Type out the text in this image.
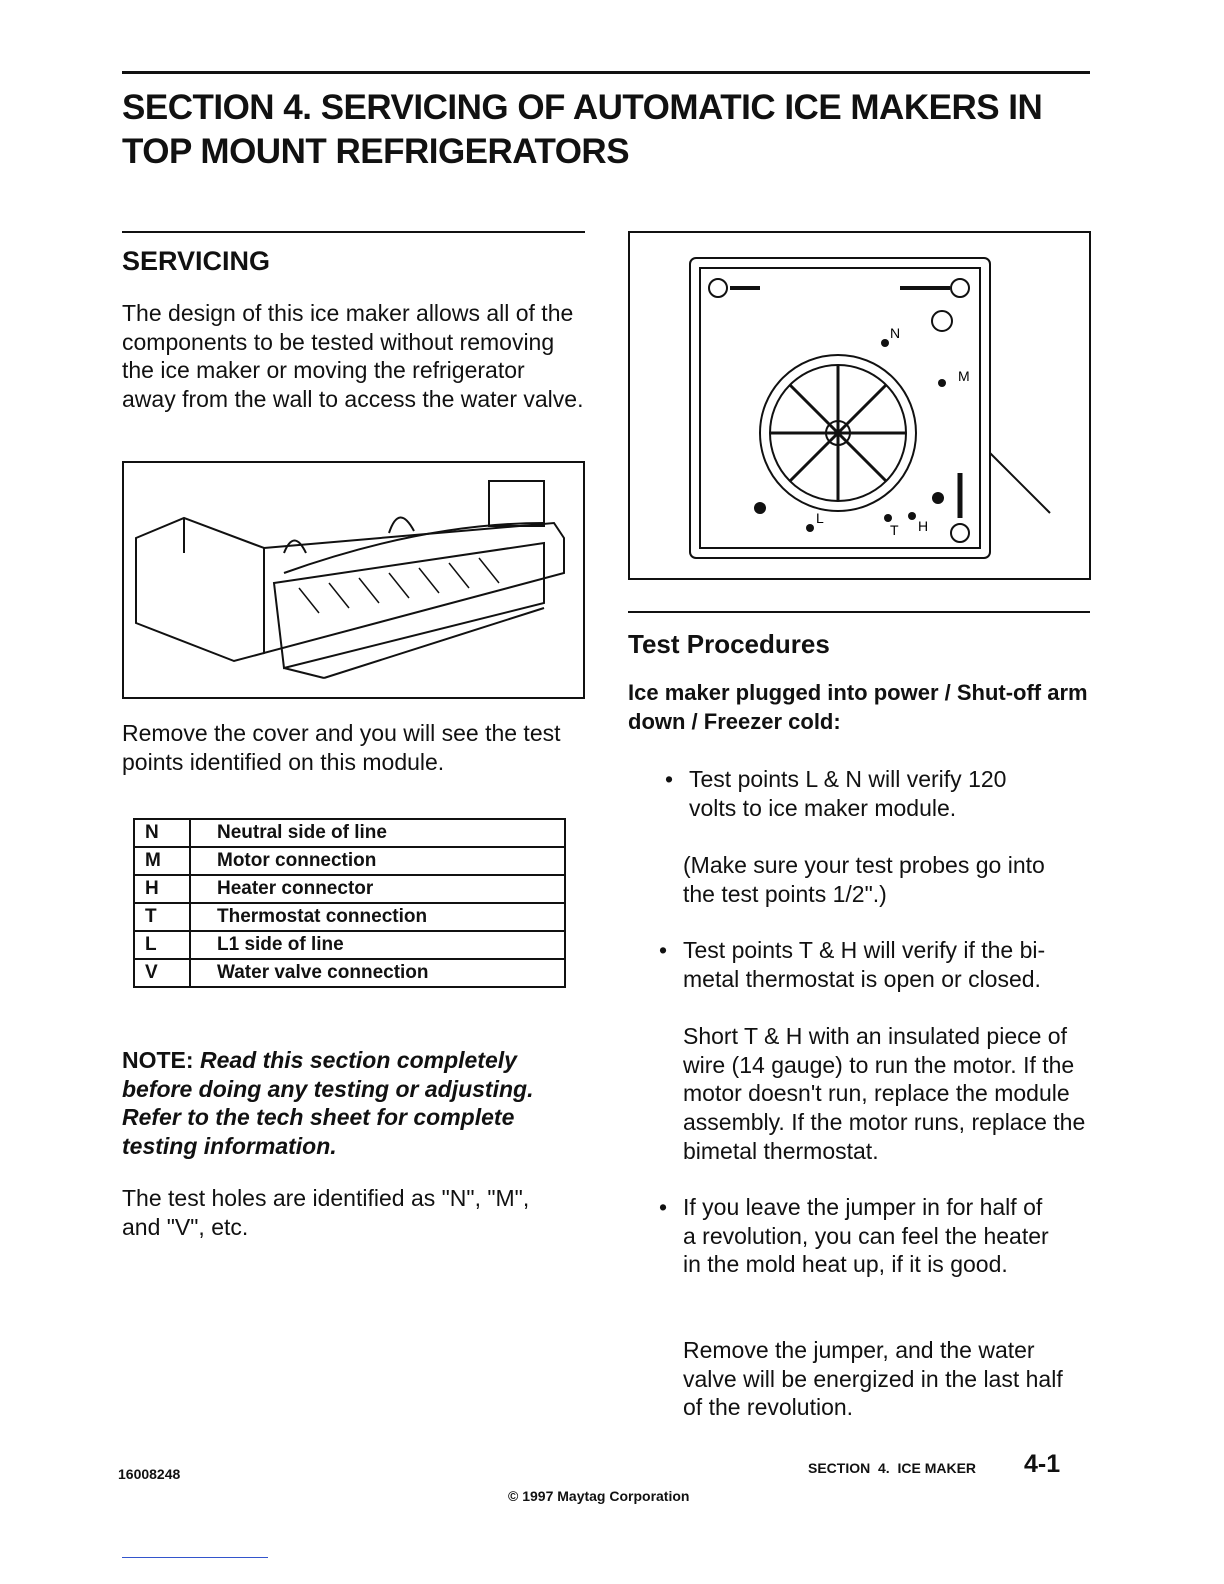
SECTION 4. SERVICING OF AUTOMATIC ICE MAKERS IN TOP MOUNT REFRIGERATORS
SERVICING

The design of this ice maker allows all of the components to be tested without removing the ice maker or moving the refrigerator away from the wall to access the water valve.

Remove the cover and you will see the test points identified on this module.

N	Neutral side of line
M	Motor connection
H	Heater connector
T	Thermostat connection
L	L1 side of line
V	Water valve connection
NOTE: Read this section completely before doing any testing or adjusting. Refer to the tech sheet for complete testing information.

The test holes are identified as "N", "M", and "V", etc.

N
M
L
T H
Test Procedures

Ice maker plugged into power / Shut-off arm down / Freezer cold:

• Test points L & N will verify 120 volts to ice maker module.

(Make sure your test probes go into the test points 1/2".)

• Test points T & H will verify if the bi-metal thermostat is open or closed.

Short T & H with an insulated piece of wire (14 gauge) to run the motor. If the motor doesn't run, replace the module assembly. If the motor runs, replace the bimetal thermostat.

• If you leave the jumper in for half of a revolution, you can feel the heater in the mold heat up, if it is good.

Remove the jumper, and the water valve will be energized in the last half of the revolution.

16008248	SECTION  4.  ICE MAKER 4-1
© 1997 Maytag Corporation
